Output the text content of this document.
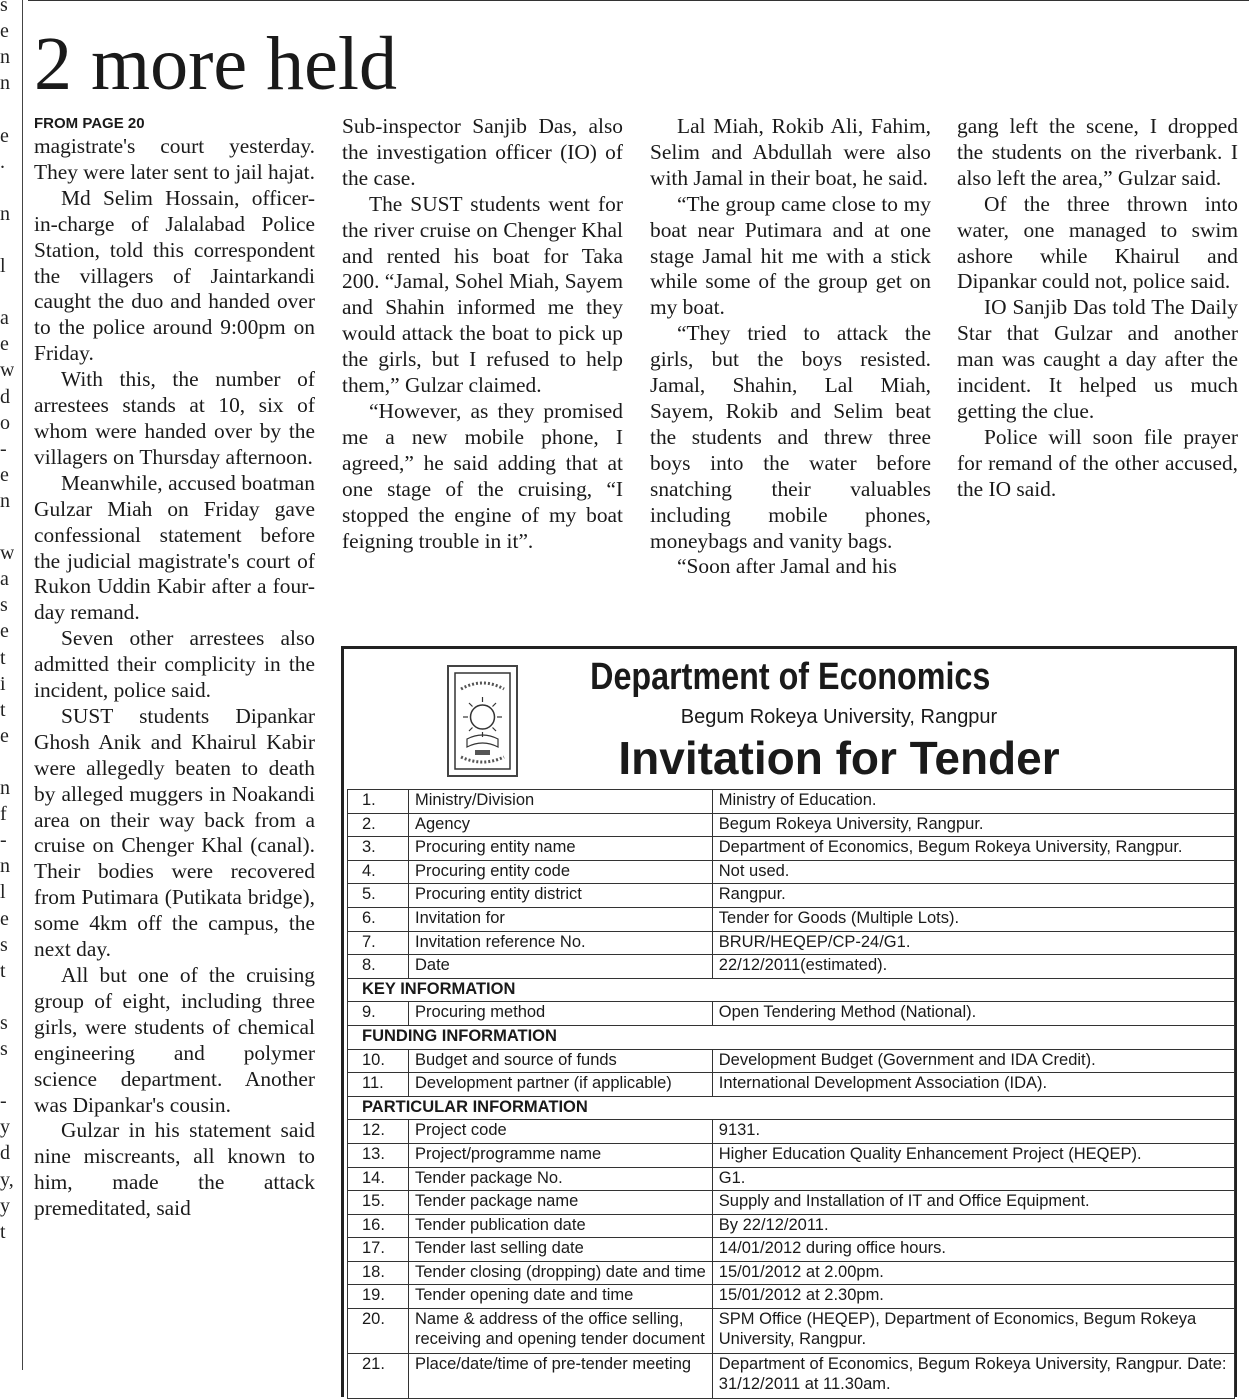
s
e
n
n
e
.
n
l
a
e
w
d
o
-
e
n
w
a
s
e
t
i
t
e
n
f
-
n
l
e
s
t
s
s
-
y
d
y,
y
t
2 more held
FROM PAGE 20

magistrate's court yesterday. They were later sent to jail hajat.

Md Selim Hossain, officer-in-charge of Jalalabad Police Station, told this correspondent the villagers of Jaintarkandi caught the duo and handed over to the police around 9:00pm on Friday.

With this, the number of arrestees stands at 10, six of whom were handed over by the villagers on Thursday afternoon.

Meanwhile, accused boatman Gulzar Miah on Friday gave confessional statement before the judicial magistrate's court of Rukon Uddin Kabir after a four-day remand.

Seven other arrestees also admitted their complicity in the incident, police said.

SUST students Dipankar Ghosh Anik and Khairul Kabir were allegedly beaten to death by alleged muggers in Noakandi area on their way back from a cruise on Chenger Khal (canal). Their bodies were recovered from Putimara (Putikata bridge), some 4km off the campus, the next day.

All but one of the cruising group of eight, including three girls, were students of chemical engineering and polymer science department. Another was Dipankar's cousin.

Gulzar in his statement said nine miscreants, all known to him, made the attack premeditated, said

Sub-inspector Sanjib Das, also the investigation officer (IO) of the case.

The SUST students went for the river cruise on Chenger Khal and rented his boat for Taka 200. “Jamal, Sohel Miah, Sayem and Shahin informed me they would attack the boat to pick up the girls, but I refused to help them,” Gulzar claimed.

“However, as they promised me a new mobile phone, I agreed,” he said adding that at one stage of the cruising, “I stopped the engine of my boat feigning trouble in it”.

Lal Miah, Rokib Ali, Fahim, Selim and Abdullah were also with Jamal in their boat, he said.

“The group came close to my boat near Putimara and at one stage Jamal hit me with a stick while some of the group get on my boat.

“They tried to attack the girls, but the boys resisted. Jamal, Shahin, Lal Miah, Sayem, Rokib and Selim beat the students and threw three boys into the water before snatching their valuables including mobile phones, moneybags and vanity bags.

“Soon after Jamal and his

gang left the scene, I dropped the students on the riverbank. I also left the area,” Gulzar said.

Of the three thrown into water, one managed to swim ashore while Khairul and Dipankar could not, police said.

IO Sanjib Das told The Daily Star that Gulzar and another man was caught a day after the incident. It helped us much getting the clue.

Police will soon file prayer for remand of the other accused, the IO said.

Department of Economics
Begum Rokeya University, Rangpur
Invitation for Tender
1.	Ministry/Division	Ministry of Education.
2.	Agency	Begum Rokeya University, Rangpur.
3.	Procuring entity name	Department of Economics, Begum Rokeya University, Rangpur.
4.	Procuring entity code	Not used.
5.	Procuring entity district	Rangpur.
6.	Invitation for	Tender for Goods (Multiple Lots).
7.	Invitation reference No.	BRUR/HEQEP/CP-24/G1.
8.	Date	22/12/2011(estimated).
KEY INFORMATION		
9.	Procuring method	Open Tendering Method (National).
FUNDING INFORMATION		
10.	Budget and source of funds	Development Budget (Government and IDA Credit).
11.	Development partner (if applicable)	International Development Association (IDA).
PARTICULAR INFORMATION		
12.	Project code	9131.
13.	Project/programme name	Higher Education Quality Enhancement Project (HEQEP).
14.	Tender package No.	G1.
15.	Tender package name	Supply and Installation of IT and Office Equipment.
16.	Tender publication date	By 22/12/2011.
17.	Tender last selling date	14/01/2012 during office hours.
18.	Tender closing (dropping) date and time	15/01/2012 at 2.00pm.
19.	Tender opening date and time	15/01/2012 at 2.30pm.
20.	Name & address of the office selling, receiving and opening tender document	SPM Office (HEQEP), Department of Economics, Begum Rokeya University, Rangpur.
21.	Place/date/time of pre-tender meeting	Department of Economics, Begum Rokeya University, Rangpur. Date: 31/12/2011 at 11.30am.
